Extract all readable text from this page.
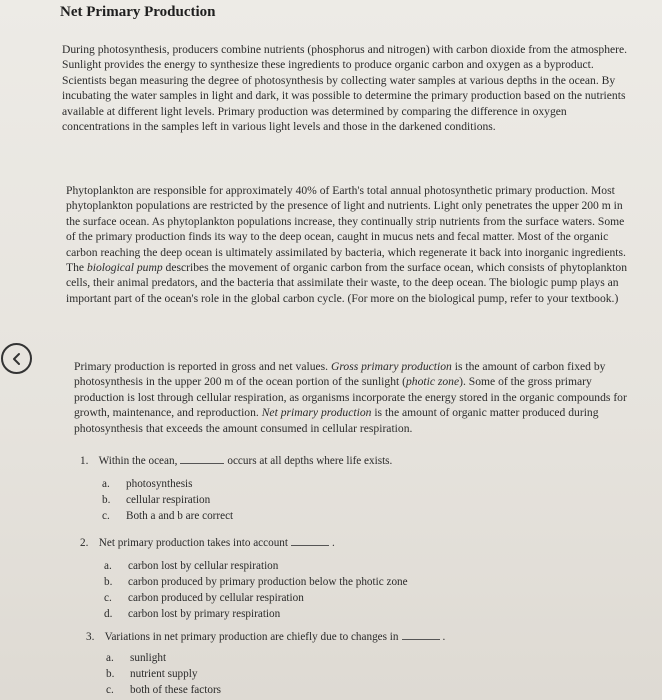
Net Primary Production
During photosynthesis, producers combine nutrients (phosphorus and nitrogen) with carbon dioxide from the atmosphere. Sunlight provides the energy to synthesize these ingredients to produce organic carbon and oxygen as a byproduct. Scientists began measuring the degree of photosynthesis by collecting water samples at various depths in the ocean. By incubating the water samples in light and dark, it was possible to determine the primary production based on the nutrients available at different light levels. Primary production was determined by comparing the difference in oxygen concentrations in the samples left in various light levels and those in the darkened conditions.
Phytoplankton are responsible for approximately 40% of Earth's total annual photosynthetic primary production. Most phytoplankton populations are restricted by the presence of light and nutrients. Light only penetrates the upper 200 m in the surface ocean. As phytoplankton populations increase, they continually strip nutrients from the surface waters. Some of the primary production finds its way to the deep ocean, caught in mucus nets and fecal matter. Most of the organic carbon reaching the deep ocean is ultimately assimilated by bacteria, which regenerate it back into inorganic ingredients. The biological pump describes the movement of organic carbon from the surface ocean, which consists of phytoplankton cells, their animal predators, and the bacteria that assimilate their waste, to the deep ocean. The biologic pump plays an important part of the ocean's role in the global carbon cycle. (For more on the biological pump, refer to your textbook.)
Primary production is reported in gross and net values. Gross primary production is the amount of carbon fixed by photosynthesis in the upper 200 m of the ocean portion of the sunlight (photic zone). Some of the gross primary production is lost through cellular respiration, as organisms incorporate the energy stored in the organic compounds for growth, maintenance, and reproduction. Net primary production is the amount of organic matter produced during photosynthesis that exceeds the amount consumed in cellular respiration.
1. Within the ocean,	occurs at all depths where life exists.
a. photosynthesis
b. cellular respiration
c. Both a and b are correct
2. Net primary production takes into account	.
a. carbon lost by cellular respiration
b. carbon produced by primary production below the photic zone
c. carbon produced by cellular respiration
d. carbon lost by primary respiration
3. Variations in net primary production are chiefly due to changes in	.
a. sunlight
b. nutrient supply
c. both of these factors
